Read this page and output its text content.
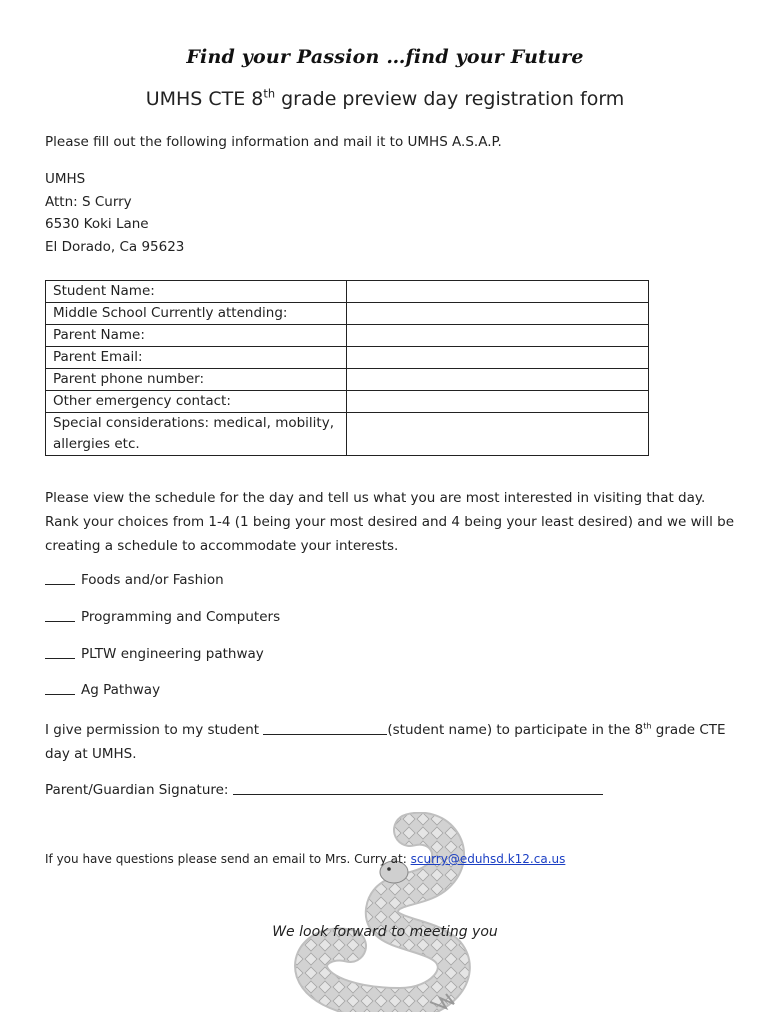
Find your Passion …find your Future
UMHS CTE 8th grade preview day registration form
Please fill out the following information and mail it to UMHS A.S.A.P.
UMHS
Attn: S Curry
6530 Koki Lane
El Dorado, Ca 95623
Student Name:	

Middle School Currently attending:	

Parent Name:	

Parent Email:	

Parent phone number:	

Other emergency contact:	

Special considerations: medical, mobility, allergies etc.	
Please view the schedule for the day and tell us what you are most interested in visiting that day. Rank your choices from 1-4 (1 being your most desired and 4 being your least desired) and we will be creating a schedule to accommodate your interests.
Foods and/or Fashion
Programming and Computers
PLTW engineering pathway
Ag Pathway
I give permission to my student	(student name) to participate in the 8th grade CTE day at UMHS.
Parent/Guardian Signature:
If you have questions please send an email to Mrs. Curry at: scurry@eduhsd.k12.ca.us
We look forward to meeting you
